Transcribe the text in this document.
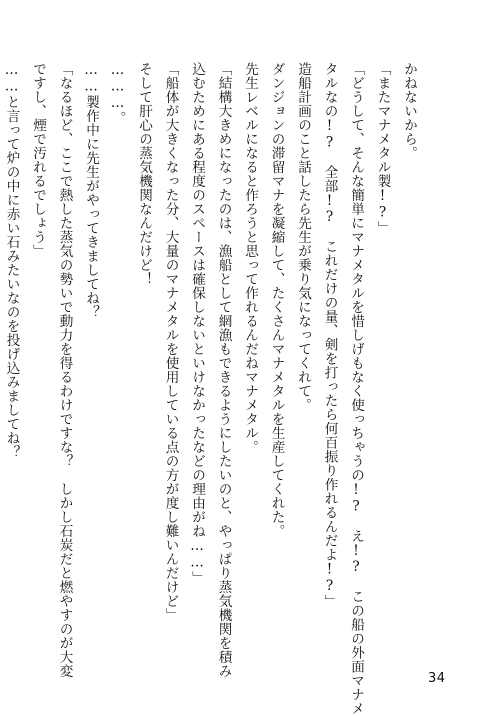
かねないから。

「またマナメタル製!?」

「どうして、そんな簡単にマナメタルを惜しげもなく使っちゃうの!?　え!?　この船の外面マナメ

タルなの!?　全部!?　これだけの量、剣を打ったら何百振り作れるんだよ!?」

造船計画のこと話したら先生が乗り気になってくれて。

ダンジョンの滞留マナを凝縮して、たくさんマナメタルを生産してくれた。

先生レベルになると作ろうと思って作れるんだねマナメタル。

「結構大きめになったのは、漁船として網漁もできるようにしたいのと、やっぱり蒸気機関を積み

込むためにある程度のスペースは確保しないといけなかったなどの理由がね……」

「船体が大きくなった分、大量のマナメタルを使用している点の方が度し難いんだけど」

そして肝心の蒸気機関なんだけど！

………。

……製作中に先生がやってきましてね？

「なるほど、ここで熱した蒸気の勢いで動力を得るわけですな？　しかし石炭だと燃やすのが大変

ですし、煙で汚れるでしょう」

……と言って炉の中に赤い石みたいなのを投げ込みましてね？

34
